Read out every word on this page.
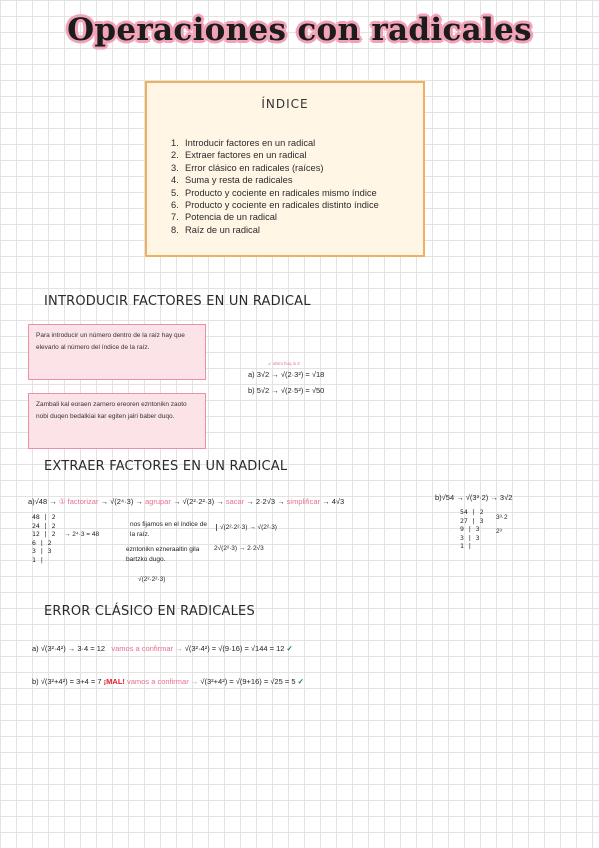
Operaciones con radicales
ÍNDICE
1. Introducir factores en un radical
2. Extraer factores en un radical
3. Error clásico en radicales (raíces)
4. Suma y resta de radicales
5. Producto y cociente en radicales mismo índice
6. Producto y cociente en radicales distinto índice
7. Potencia de un radical
8. Raíz de un radical
INTRODUCIR FACTORES EN UN RADICAL
Para introducir un número dentro de la raíz hay que elevarlo al número del índice de la raíz.
Zambali kal eoraen zarnero ereoren ezntonikn zaoto nobi duqen bedalkiai kar egiten jalri baber duqo.
↙ ahmi huq is 2
a) 3√2 → √(2·3²) = √18
b) 5√2 → √(2·5²) = √50
EXTRAER FACTORES EN UN RADICAL
a)√48 → ① factorizar → √(2⁴·3) → agrupar → √(2²·2²·3) → sacar → 2·2√3 → simplificar → 4√3
48 | 2
24 | 2
12 | 2
6 | 2
3 | 3
1 |
→ 2⁴·3 = 48
nos fijamos en el índice de la raíz.
ezntonikn ezneraaltin gila bartzko dugo.
√(2²·2²·3) → √(2²·3)
2√(2²·3) → 2·2√3
√(2²·2²·3)
b)√54 → √(3³·2) → 3√2
54 | 2
27 | 3
9 | 3
3 | 3
1 |
3³·2
2³
ERROR CLÁSICO EN RADICALES
a) √(3²·4²) → 3·4 = 12 vamos a confirmar → √(3²·4²) = √(9·16) = √144 = 12 ✓
b) √(3²+4²) = 3+4 = 7 ¡MAL! vamos a confirmar → √(3²+4²) = √(9+16) = √25 = 5 ✓
